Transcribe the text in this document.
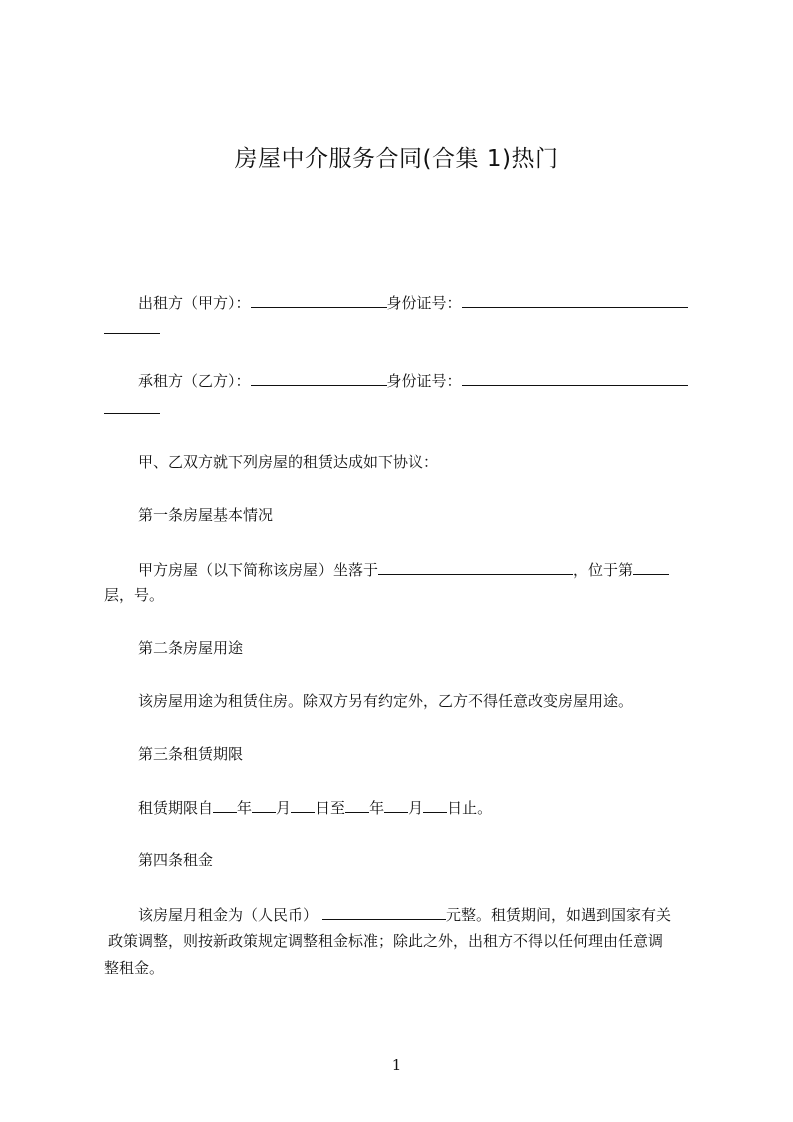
房屋中介服务合同(合集 1)热门
出租方（甲方）：	身份证号：
承租方（乙方）：	身份证号：
甲、乙双方就下列房屋的租赁达成如下协议：
第一条房屋基本情况
甲方房屋（以下简称该房屋）坐落于	，位于第
层，号。
第二条房屋用途
该房屋用途为租赁住房。除双方另有约定外，乙方不得任意改变房屋用途。
第三条租赁期限
租赁期限自 年 月 日至 年 月 日止。
第四条租金
该房屋月租金为（人民币）	元整。租赁期间，如遇到国家有关
政策调整，则按新政策规定调整租金标准；除此之外，出租方不得以任何理由任意调
整租金。
1
